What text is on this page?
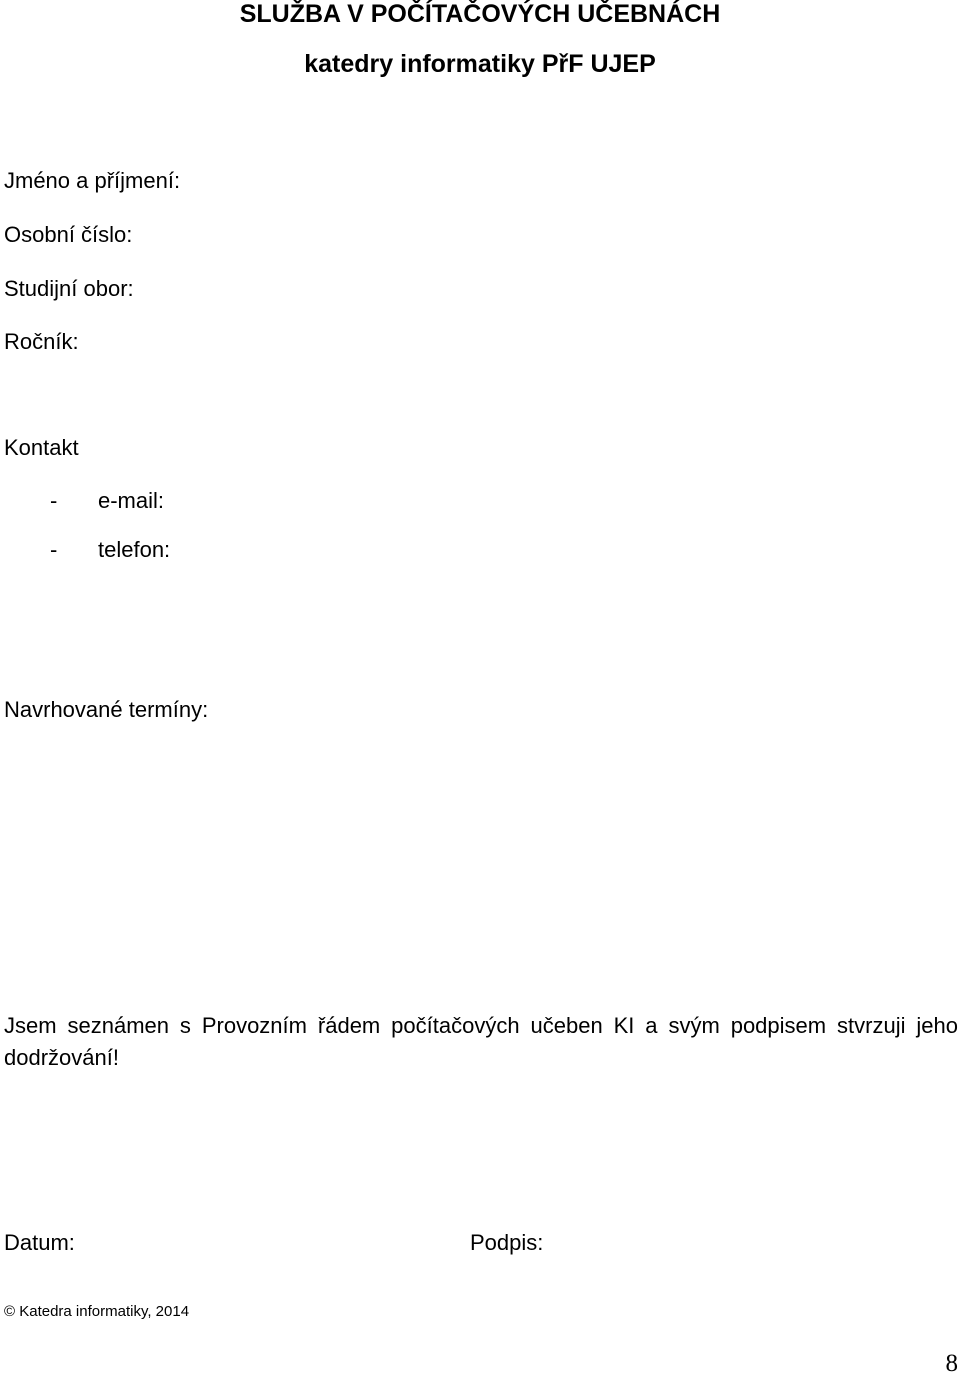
SLUŽBA V POČÍTAČOVÝCH UČEBNÁCH
katedry informatiky PřF UJEP
Jméno a příjmení:
Osobní číslo:
Studijní obor:
Ročník:
Kontakt
- e-mail:
- telefon:
Navrhované termíny:
Jsem seznámen s Provozním řádem počítačových učeben KI a svým podpisem stvrzuji jeho dodržování!
Datum:	Podpis:
© Katedra informatiky, 2014
8
